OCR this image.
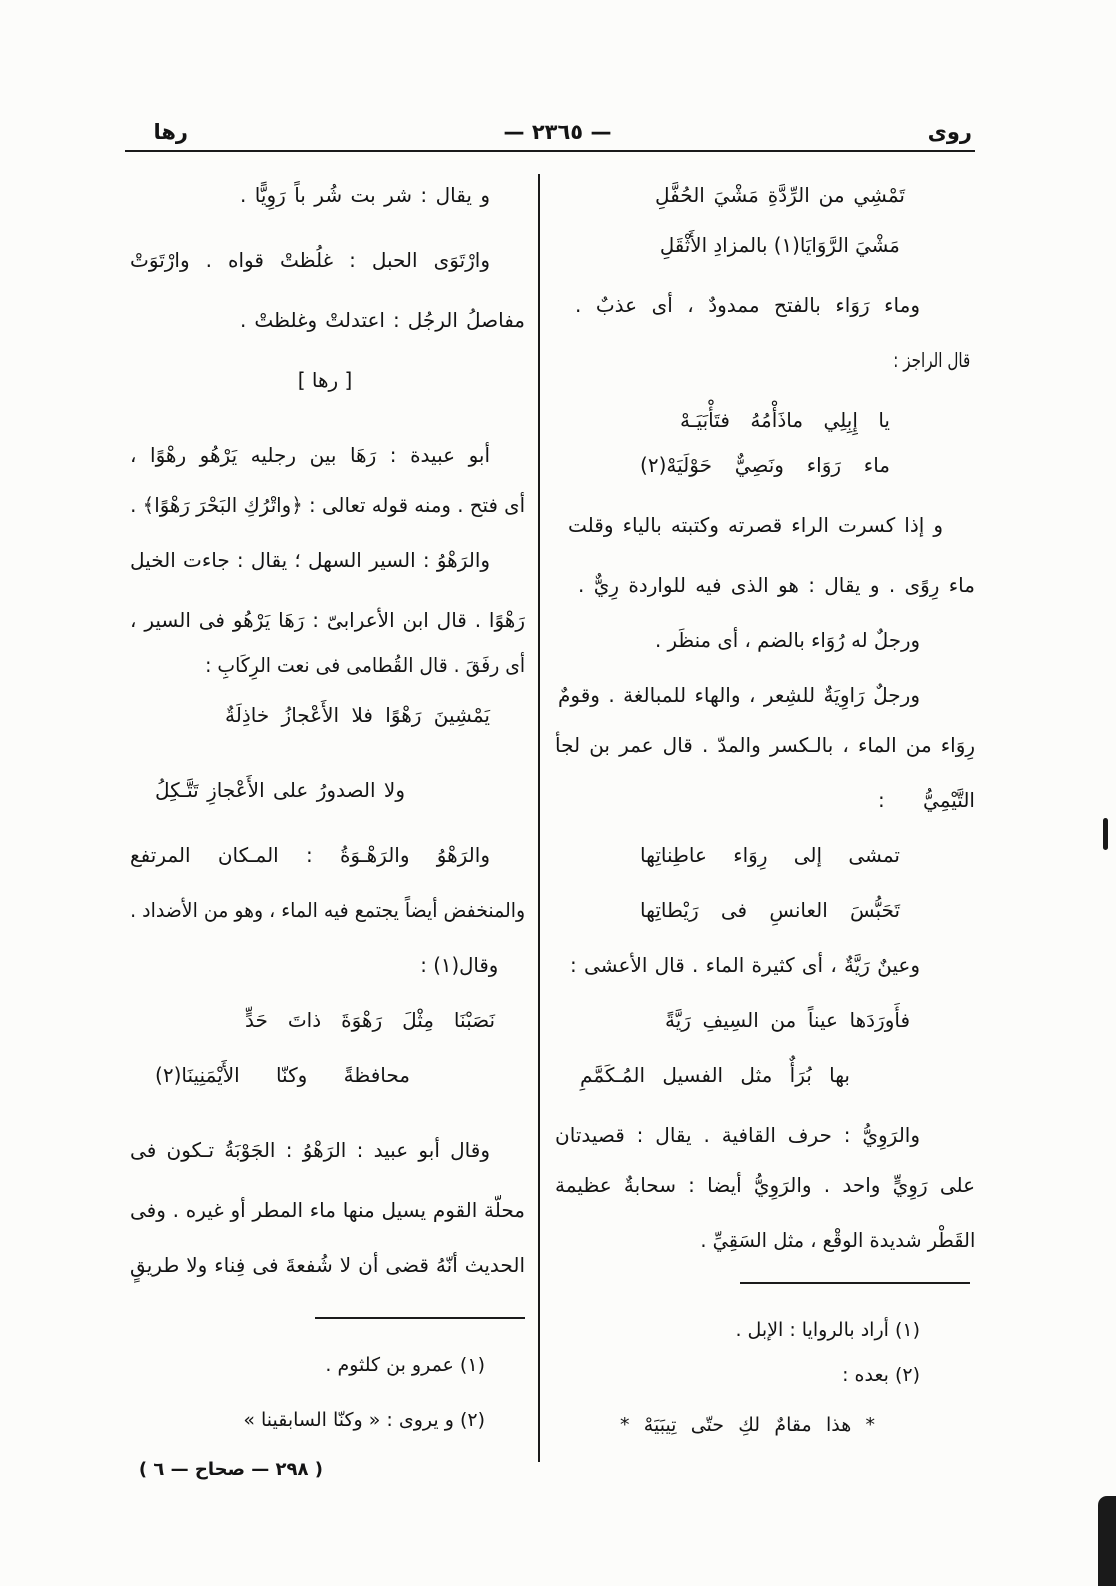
روى
— ٢٣٦٥ —
رها
تَمْشِي من الرِّدَّةِ مَشْيَ الحُفَّلِ
مَشْيَ الرَّوَايَا(١) بالمزادِ الأَثْقَلِ
وماء رَوَاء بالفتح ممدودٌ ، أى عذبٌ .
قال الراجز :
يا إِبِلِي ماذَأْمُهُ فتَأْبَيَـهْ
ماء رَوَاء ونَصِيٌّ حَوْلَيَهْ(٢)
و إذا كسرت الراء قصرته وكتبته بالياء وقلت
ماء رِوًى . و يقال : هو الذى فيه للواردة رِيٌّ .
ورجلٌ له رُوَاء بالضم ، أى منظَر .
ورجلٌ رَاوِيَةٌ للشِعر ، والهاء للمبالغة . وقومٌ
رِوَاء من الماء ، بالـكسر والمدّ . قال عمر بن لجأ
التَّيْمِيُّ :
تمشى إلى رِوَاء عاطِناتِها
تَحَبُّسَ العانسِ فى رَيْطاتِها
وعينٌ رَيَّةٌ ، أى كثيرة الماء . قال الأعشى :
فأَورَدَها عيناً من السِيفِ رَيَّةً
بها بُرَأٌ مثل الفسيل المُـكَمَّمِ
والرَوِيُّ : حرف القافية . يقال : قصيدتان
على رَوِيٍّ واحد . والرَوِيُّ أيضا : سحابةٌ عظيمة
القَطْر شديدة الوقْع ، مثل السَقِيِّ .
(١) أراد بالروايا : الإبل .
(٢) بعده :
* هذا مقامٌ لكِ حتّى تِيبَيَهْ *
و يقال : شر بت شُر باً رَوِيًّا .
وارْتَوَى الحبل : غلُظتْ قواه . وارْتَوَتْ
مفاصلُ الرجُل : اعتدلتْ وغلظتْ .
[ رها ]
أبو عبيدة : رَهَا بين رجليه يَرْهُو رهْوًا ،
أى فتح . ومنه قوله تعالى : ﴿واتْرُكِ البَحْرَ رَهْوًا﴾ .
والرَهْوُ : السير السهل ؛ يقال : جاءت الخيل
رَهْوًا . قال ابن الأعرابىّ : رَهَا يَرْهُو فى السير ،
أى رفَقَ . قال القُطامى فى نعت الرِكَابِ :
يَمْشِينَ رَهْوًا فلا الأَعْجازُ خاذِلَةٌ
ولا الصدورُ على الأَعْجازِ تَتَّـكِلُ
والرَهْوُ والرَهْـوَةُ : المـكان المرتفع
والمنخفض أيضاً يجتمع فيه الماء ، وهو من الأضداد .
وقال(١) :
نَصَبْنَا مِثْلَ رَهْوَةَ ذاتَ حَدٍّ
محافظةً وكنّا الأَيْمَنِينَا(٢)
وقال أبو عبيد : الرَهْوُ : الجَوْبَةُ تـكون فى
محلّة القوم يسيل منها ماء المطر أو غيره . وفى
الحديث أنّهُ قضى أن لا شُفعةَ فى فِناء ولا طريقٍ
(١) عمرو بن كلثوم .
(٢) و يروى : « وكنّا السابقينا »
( ٢٩٨ — صحاح — ٦ )
